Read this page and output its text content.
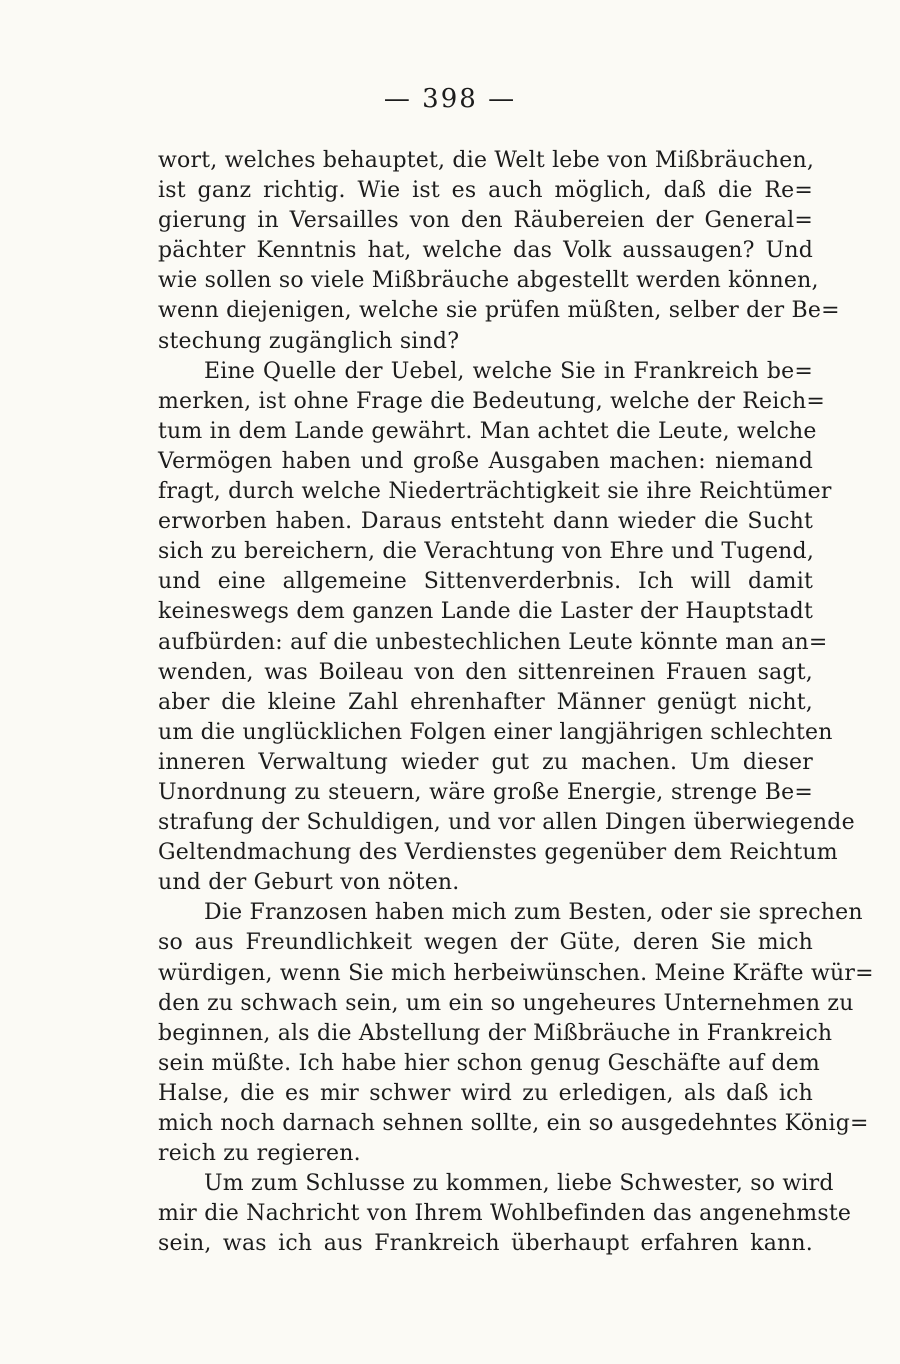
— 398 —
wort, welches behauptet, die Welt lebe von Mißbräuchen,
ist ganz richtig. Wie ist es auch möglich, daß die Re=
gierung in Versailles von den Räubereien der General=
pächter Kenntnis hat, welche das Volk aussaugen? Und
wie sollen so viele Mißbräuche abgestellt werden können,
wenn diejenigen, welche sie prüfen müßten, selber der Be=
stechung zugänglich sind?
Eine Quelle der Uebel, welche Sie in Frankreich be=
merken, ist ohne Frage die Bedeutung, welche der Reich=
tum in dem Lande gewährt. Man achtet die Leute, welche
Vermögen haben und große Ausgaben machen: niemand
fragt, durch welche Niederträchtigkeit sie ihre Reichtümer
erworben haben. Daraus entsteht dann wieder die Sucht
sich zu bereichern, die Verachtung von Ehre und Tugend,
und eine allgemeine Sittenverderbnis. Ich will damit
keineswegs dem ganzen Lande die Laster der Hauptstadt
aufbürden: auf die unbestechlichen Leute könnte man an=
wenden, was Boileau von den sittenreinen Frauen sagt,
aber die kleine Zahl ehrenhafter Männer genügt nicht,
um die unglücklichen Folgen einer langjährigen schlechten
inneren Verwaltung wieder gut zu machen. Um dieser
Unordnung zu steuern, wäre große Energie, strenge Be=
strafung der Schuldigen, und vor allen Dingen überwiegende
Geltendmachung des Verdienstes gegenüber dem Reichtum
und der Geburt von nöten.
Die Franzosen haben mich zum Besten, oder sie sprechen
so aus Freundlichkeit wegen der Güte, deren Sie mich
würdigen, wenn Sie mich herbeiwünschen. Meine Kräfte wür=
den zu schwach sein, um ein so ungeheures Unternehmen zu
beginnen, als die Abstellung der Mißbräuche in Frankreich
sein müßte. Ich habe hier schon genug Geschäfte auf dem
Halse, die es mir schwer wird zu erledigen, als daß ich
mich noch darnach sehnen sollte, ein so ausgedehntes König=
reich zu regieren.
Um zum Schlusse zu kommen, liebe Schwester, so wird
mir die Nachricht von Ihrem Wohlbefinden das angenehmste
sein, was ich aus Frankreich überhaupt erfahren kann.
